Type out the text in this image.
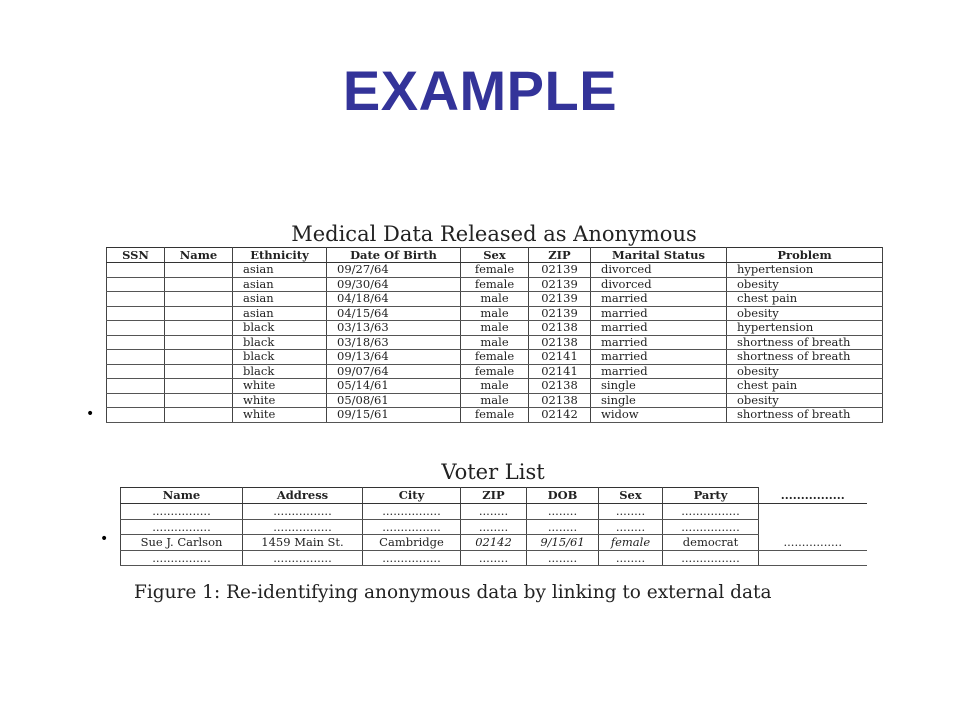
EXAMPLE
Medical Data Released as Anonymous
SSN	Name	Ethnicity	Date Of Birth	Sex	ZIP	Marital Status	Problem
		asian	09/27/64	female	02139	divorced	hypertension
		asian	09/30/64	female	02139	divorced	obesity
		asian	04/18/64	male	02139	married	chest pain
		asian	04/15/64	male	02139	married	obesity
		black	03/13/63	male	02138	married	hypertension
		black	03/18/63	male	02138	married	shortness of breath
		black	09/13/64	female	02141	married	shortness of breath
		black	09/07/64	female	02141	married	obesity
		white	05/14/61	male	02138	single	chest pain
		white	05/08/61	male	02138	single	obesity
		white	09/15/61	female	02142	widow	shortness of breath
•
Voter List
Name	Address	City	ZIP	DOB	Sex	Party	................
................	................	................	........	........	........	................	
................	................	................	........	........	........	................	
Sue J. Carlson	1459 Main St.	Cambridge	02142	9/15/61	female	democrat	................
................	................	................	........	........	........	................	
•
Figure 1: Re-identifying anonymous data by linking to external data
